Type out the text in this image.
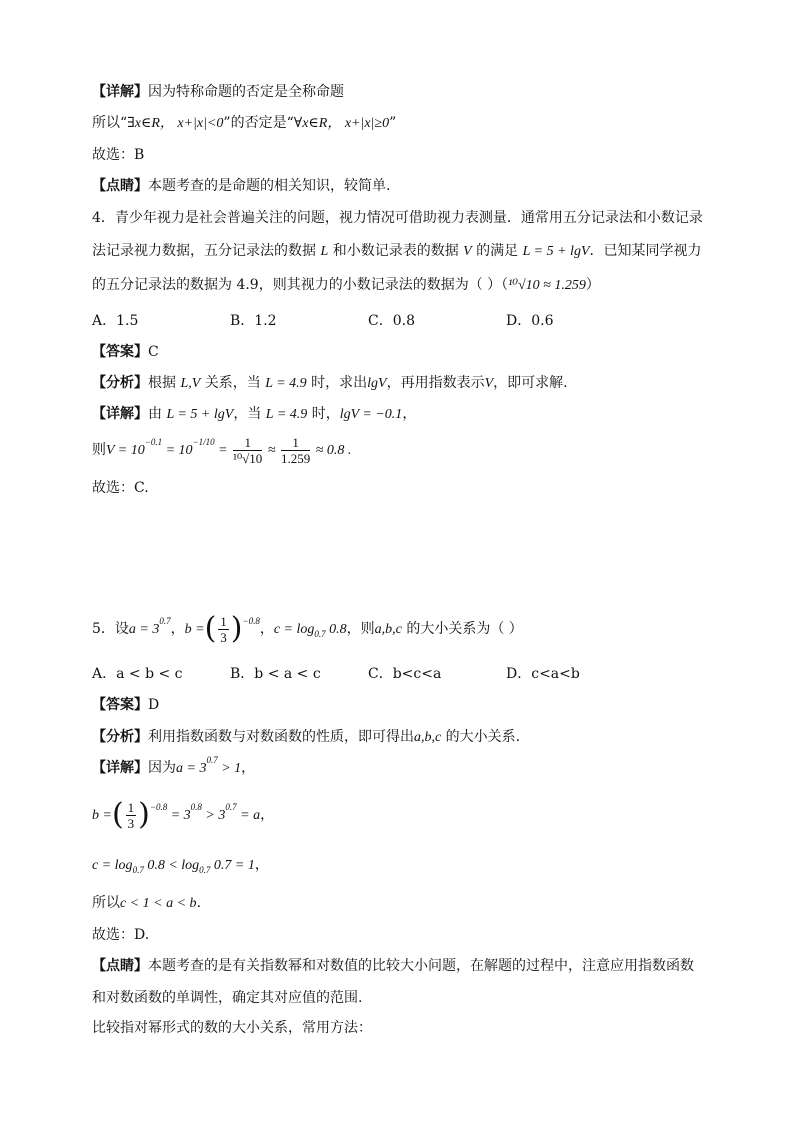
【详解】因为特称命题的否定是全称命题
所以“∃x∈R， x+|x|<0”的否定是“∀x∈R， x+|x|≥0”
故选：B
【点睛】本题考查的是命题的相关知识，较简单.
4．青少年视力是社会普遍关注的问题，视力情况可借助视力表测量．通常用五分记录法和小数记录
法记录视力数据，五分记录法的数据 L 和小数记录表的数据 V 的满足 L = 5 + lgV．已知某同学视力
的五分记录法的数据为 4.9，则其视力的小数记录法的数据为（ ）（¹⁰√10 ≈ 1.259）
A．1.5	B．1.2	C．0.8	D．0.6
【答案】C
【分析】根据 L,V 关系，当 L = 4.9 时，求出lgV，再用指数表示V，即可求解.
【详解】由 L = 5 + lgV，当 L = 4.9 时，lgV = −0.1，
则$V = 10^{-0.1} = 10^{-1/10} = \frac{1}{\text{¹⁰√10}} \approx \frac{1}{1.259} \approx 0.8$ .
故选：C.
5．设$a = 3^{0.7}$，b =( $\frac{1}{3} )^{-0.8}$，$c = \log_{0.7} 0.8$，则a,b,c 的大小关系为（ ）
A．a < b < c	B．b < a < c	C．b<c<a	D．c<a<b
【答案】D
【分析】利用指数函数与对数函数的性质，即可得出a,b,c 的大小关系.
【详解】因为$a = 3^{0.7} > 1$，
b =( $\frac{1}{3} )^{-0.8} = 3^{0.8} > 3^{0.7} = a$，
$c = \log_{0.7} 0.8 < \log_{0.7} 0.7 = 1$，
所以c < 1 < a < b.
故选：D.
【点睛】本题考查的是有关指数幂和对数值的比较大小问题，在解题的过程中，注意应用指数函数
和对数函数的单调性，确定其对应值的范围.
比较指对幂形式的数的大小关系，常用方法：
